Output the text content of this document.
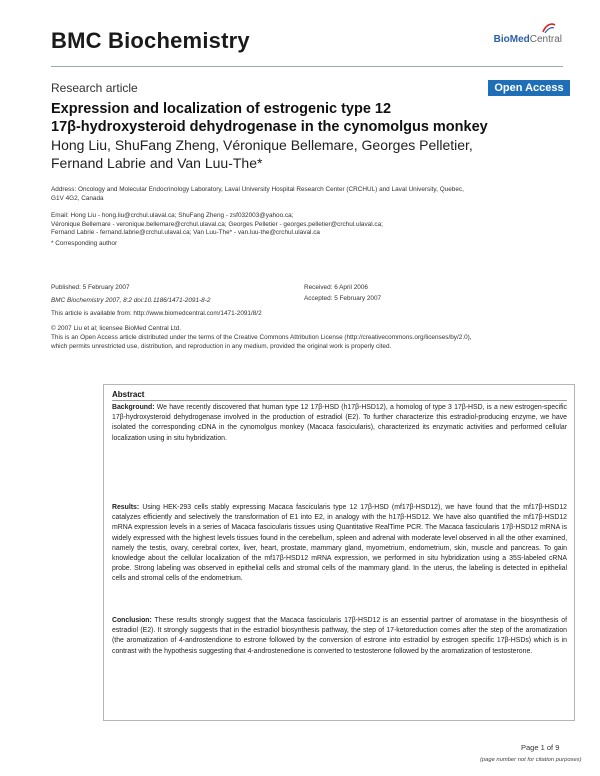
BMC Biochemistry	BioMedCentral
Research article	Open Access
Expression and localization of estrogenic type 12
17β-hydroxysteroid dehydrogenase in the cynomolgus monkey
Hong Liu, ShuFang Zheng, Véronique Bellemare, Georges Pelletier,
Fernand Labrie and Van Luu-The*
Address: Oncology and Molecular Endocrinology Laboratory, Laval University Hospital Research Center (CRCHUL) and Laval University, Quebec,
G1V 4G2, Canada
Email: Hong Liu - hong.liu@crchul.ulaval.ca; ShuFang Zheng - zsf032003@yahoo.ca;
Véronique Bellemare - veronique.bellemare@crchul.ulaval.ca; Georges Pelletier - georges.pelletier@crchul.ulaval.ca;
Fernand Labrie - fernand.labrie@crchul.ulaval.ca; Van Luu-The* - van.luu-the@crchul.ulaval.ca
* Corresponding author
Published: 5 February 2007
BMC Biochemistry 2007, 8:2 doi:10.1186/1471-2091-8-2
This article is available from: http://www.biomedcentral.com/1471-2091/8/2
Received: 6 April 2006
Accepted: 5 February 2007
© 2007 Liu et al; licensee BioMed Central Ltd.
This is an Open Access article distributed under the terms of the Creative Commons Attribution License (http://creativecommons.org/licenses/by/2.0),
which permits unrestricted use, distribution, and reproduction in any medium, provided the original work is properly cited.
Abstract
Background: We have recently discovered that human type 12 17β-HSD (h17β-HSD12), a homolog of type 3 17β-HSD, is a new estrogen-specific 17β-hydroxysteroid dehydrogenase involved in the production of estradiol (E2). To further characterize this estradiol-producing enzyme, we have isolated the corresponding cDNA in the cynomolgus monkey (Macaca fascicularis), characterized its enzymatic activities and performed cellular localization using in situ hybridization.
Results: Using HEK-293 cells stably expressing Macaca fascicularis type 12 17β-HSD (mf17β-HSD12), we have found that the mf17β-HSD12 catalyzes efficiently and selectively the transformation of E1 into E2, in analogy with the h17β-HSD12. We have also quantified the mf17β-HSD12 mRNA expression levels in a series of Macaca fascicularis tissues using Quantitative RealTime PCR. The Macaca fascicularis 17β-HSD12 mRNA is widely expressed with the highest levels tissues found in the cerebellum, spleen and adrenal with moderate level observed in all the other examined, namely the testis, ovary, cerebral cortex, liver, heart, prostate, mammary gland, myometrium, endometrium, skin, muscle and pancreas. To gain knowledge about the cellular localization of the mf17β-HSD12 mRNA expression, we performed in situ hybridization using a 35S-labeled cRNA probe. Strong labeling was observed in epithelial cells and stromal cells of the mammary gland. In the uterus, the labeling is detected in epithelial cells and stromal cells of the endometrium.
Conclusion: These results strongly suggest that the Macaca fascicularis 17β-HSD12 is an essential partner of aromatase in the biosynthesis of estradiol (E2). It strongly suggests that in the estradiol biosynthesis pathway, the step of 17-ketoreduction comes after the step of the aromatization (the aromatization of 4-androstendione to estrone followed by the conversion of estrone into estradiol by estrogen specific 17β-HSDs) which is in contrast with the hypothesis suggesting that 4-androstenedione is converted to testosterone followed by the aromatization of testosterone.
Page 1 of 9
(page number not for citation purposes)
